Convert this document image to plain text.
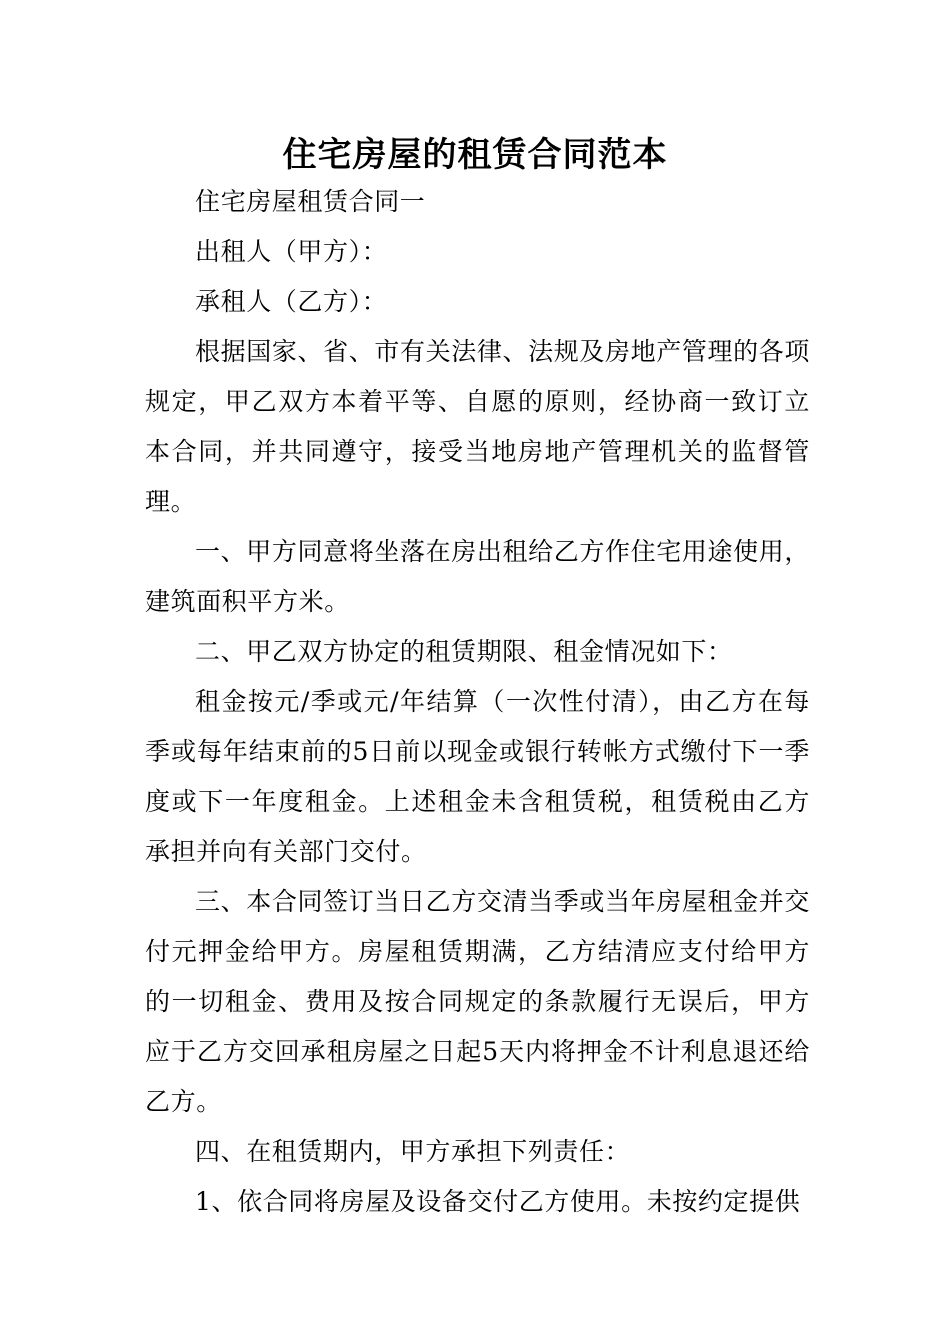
住宅房屋的租赁合同范本

住宅房屋租赁合同一

出租人（甲方）：

承租人（乙方）：

根据国家、省、市有关法律、法规及房地产管理的各项规定，甲乙双方本着平等、自愿的原则，经协商一致订立本合同，并共同遵守，接受当地房地产管理机关的监督管理。

一、甲方同意将坐落在房出租给乙方作住宅用途使用，建筑面积平方米。

二、甲乙双方协定的租赁期限、租金情况如下：

租金按元/季或元/年结算（一次性付清），由乙方在每季或每年结束前的5日前以现金或银行转帐方式缴付下一季度或下一年度租金。上述租金未含租赁税，租赁税由乙方承担并向有关部门交付。

三、本合同签订当日乙方交清当季或当年房屋租金并交付元押金给甲方。房屋租赁期满，乙方结清应支付给甲方的一切租金、费用及按合同规定的条款履行无误后，甲方应于乙方交回承租房屋之日起5天内将押金不计利息退还给乙方。

四、在租赁期内，甲方承担下列责任：

1、依合同将房屋及设备交付乙方使用。未按约定提供
